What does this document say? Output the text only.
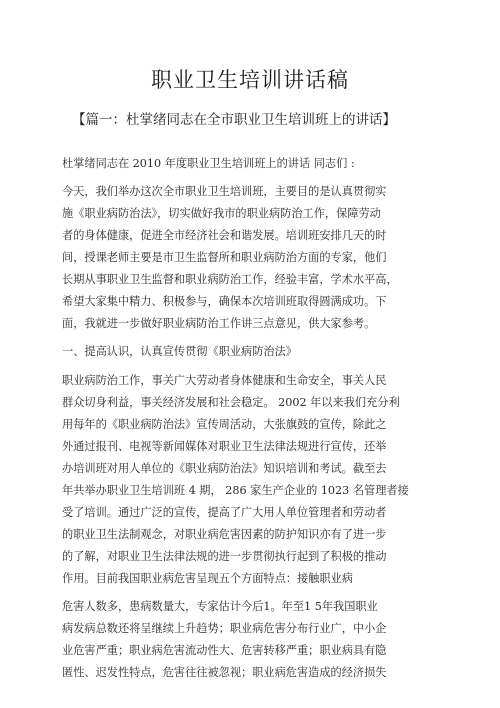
职业卫生培训讲话稿
【篇一：杜掌绪同志在全市职业卫生培训班上的讲话】
杜掌绪同志在 2010 年度职业卫生培训班上的讲话 同志们 :
今天，我们举办这次全市职业卫生培训班，主要目的是认真贯彻实
施《职业病防治法》，切实做好我市的职业病防治工作，保障劳动
者的身体健康，促进全市经济社会和谐发展。培训班安排几天的时
间，授课老师主要是市卫生监督所和职业病防治方面的专家，他们
长期从事职业卫生监督和职业病防治工作，经验丰富，学术水平高，
希望大家集中精力、积极参与，确保本次培训班取得圆满成功。下
面，我就进一步做好职业病防治工作讲三点意见，供大家参考。
一、提高认识，认真宣传贯彻《职业病防治法》
职业病防治工作，事关广大劳动者身体健康和生命安全，事关人民
群众切身利益，事关经济发展和社会稳定。 2002 年以来我们充分利
用每年的《职业病防治法》宣传周活动，大张旗鼓的宣传，除此之
外通过报刊、电视等新闻媒体对职业卫生法律法规进行宣传，还举
办培训班对用人单位的《职业病防治法》知识培训和考试。截至去
年共举办职业卫生培训班 4 期， 286 家生产企业的 1023 名管理者接
受了培训。通过广泛的宣传，提高了广大用人单位管理者和劳动者
的职业卫生法制观念，对职业病危害因素的防护知识亦有了进一步
的了解，对职业卫生法律法规的进一步贯彻执行起到了积极的推动
作用。目前我国职业病危害呈现五个方面特点：接触职业病
危害人数多，患病数量大，专家估计今后1。年至1 5年我国职业
病发病总数还将呈继续上升趋势；职业病危害分布行业广，中小企
业危害严重；职业病危害流动性大、危害转移严重；职业病具有隐
匿性、迟发性特点，危害往往被忽视；职业病危害造成的经济损失
